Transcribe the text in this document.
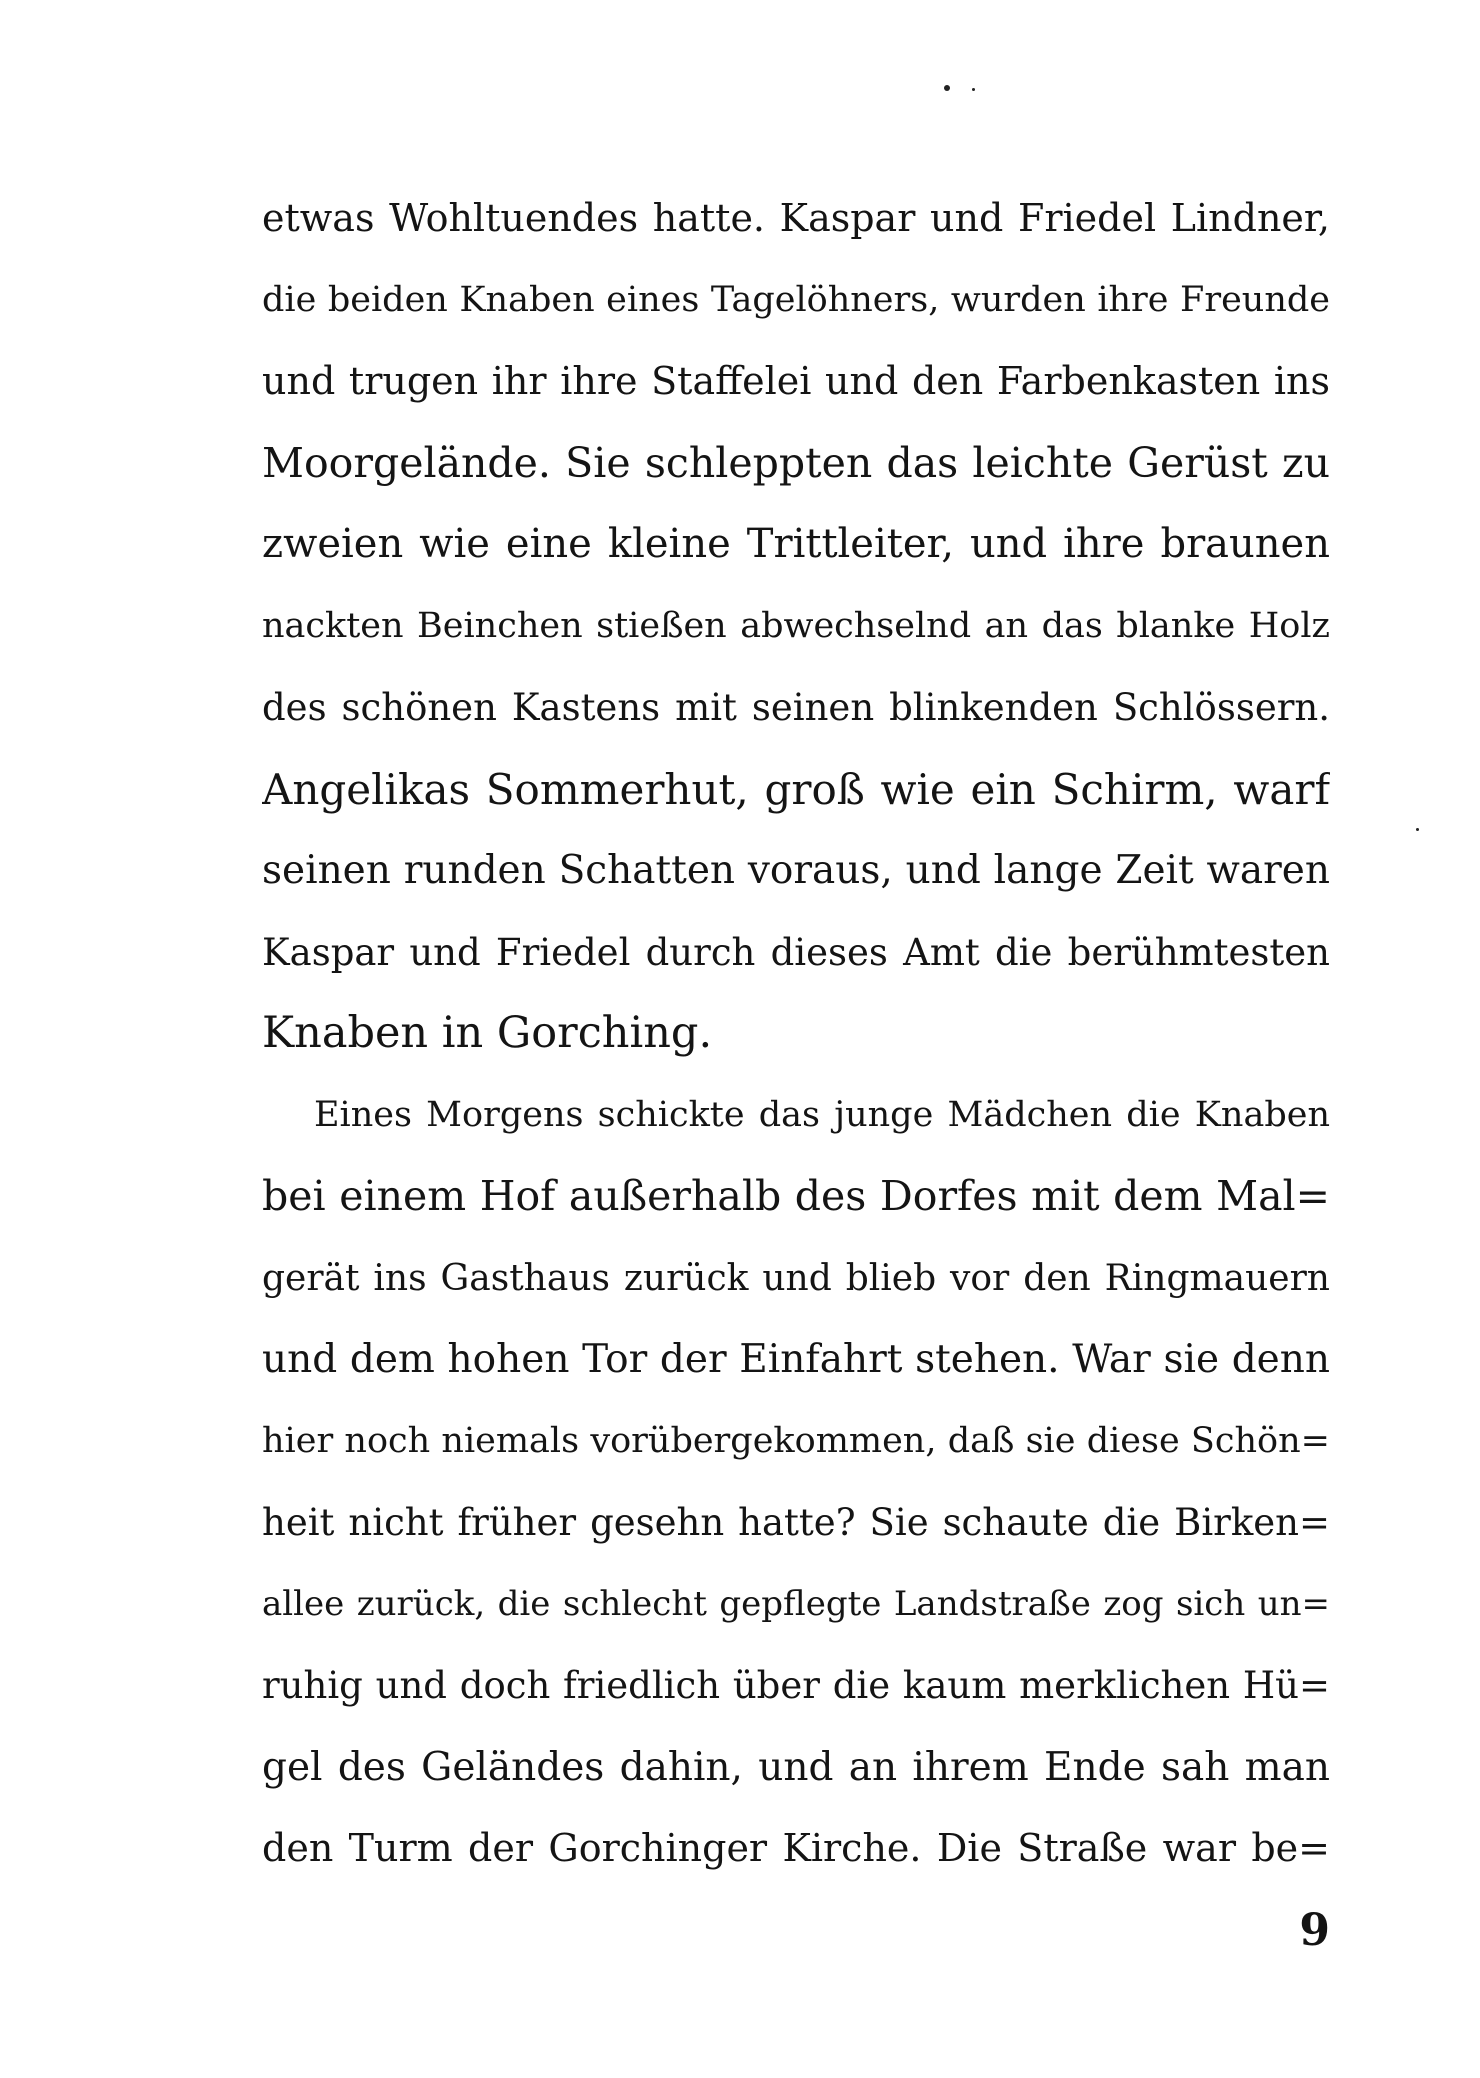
etwas Wohltuendes hatte. Kaspar und Friedel Lindner,
die beiden Knaben eines Tagelöhners, wurden ihre Freunde
und trugen ihr ihre Staffelei und den Farbenkasten ins
Moorgelände. Sie schleppten das leichte Gerüst zu
zweien wie eine kleine Trittleiter, und ihre braunen
nackten Beinchen stießen abwechselnd an das blanke Holz
des schönen Kastens mit seinen blinkenden Schlössern.
Angelikas Sommerhut, groß wie ein Schirm, warf
seinen runden Schatten voraus, und lange Zeit waren
Kaspar und Friedel durch dieses Amt die berühmtesten
Knaben in Gorching.

Eines Morgens schickte das junge Mädchen die Knaben
bei einem Hof außerhalb des Dorfes mit dem Mal=
gerät ins Gasthaus zurück und blieb vor den Ringmauern
und dem hohen Tor der Einfahrt stehen. War sie denn
hier noch niemals vorübergekommen, daß sie diese Schön=
heit nicht früher gesehn hatte? Sie schaute die Birken=
allee zurück, die schlecht gepflegte Landstraße zog sich un=
ruhig und doch friedlich über die kaum merklichen Hü=
gel des Geländes dahin, und an ihrem Ende sah man
den Turm der Gorchinger Kirche. Die Straße war be=

9
